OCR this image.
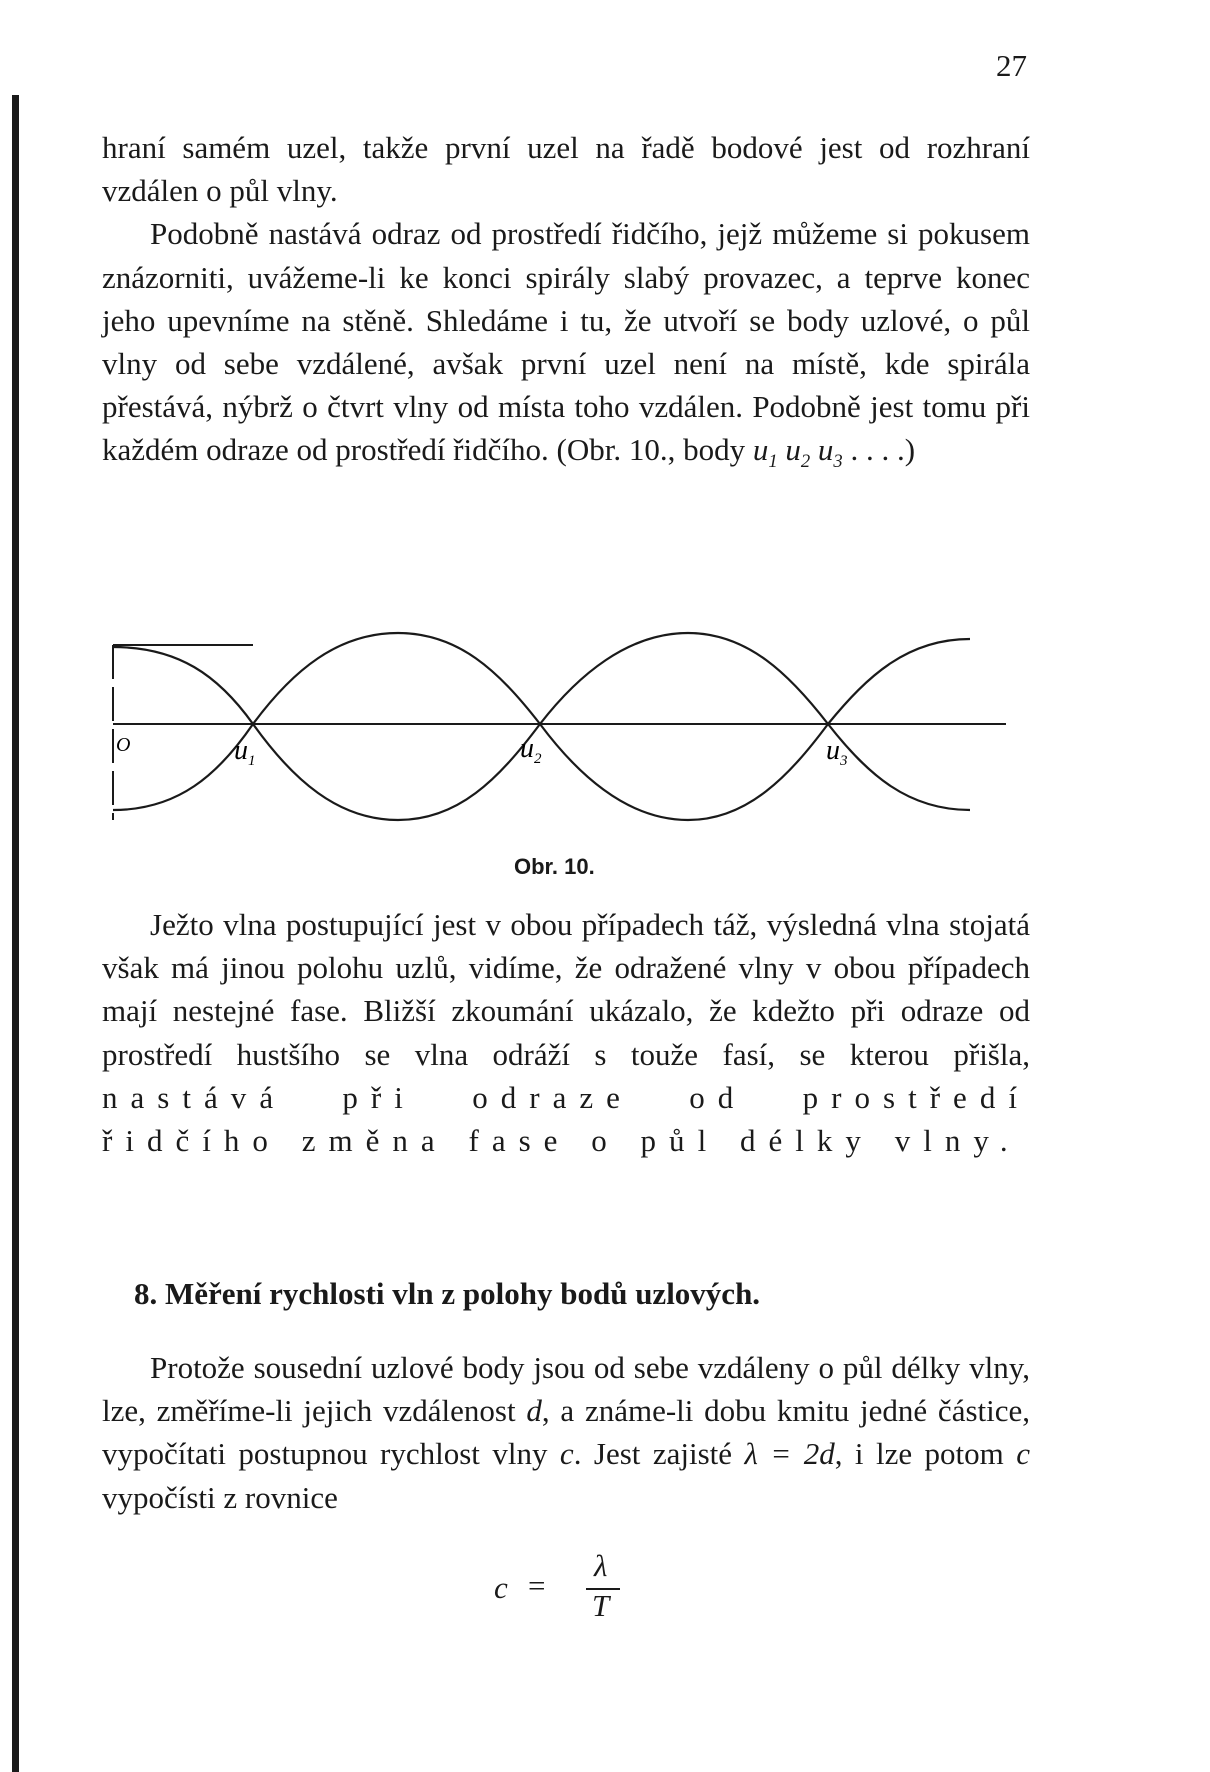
27

hraní samém uzel, takže první uzel na řadě bodové jest od rozhraní vzdálen o půl vlny.
Podobně nastává odraz od prostředí řidčího, jejž můžeme si pokusem znázorniti, uvážeme-li ke konci spirály slabý provazec, a teprve konec jeho upevníme na stěně. Shledáme i tu, že utvoří se body uzlové, o půl vlny od sebe vzdálené, avšak první uzel není na místě, kde spirála přestává, nýbrž o čtvrt vlny od místa toho vzdálen. Podobně jest tomu při každém odraze od prostředí řidčího. (Obr. 10., body $u_1$ $u_2$ $u_3$ . . . .)

O	$u_1$	$u_2$	$u_3$
Obr. 10.

Ježto vlna postupující jest v obou případech táž, výsledná vlna stojatá však má jinou polohu uzlů, vidíme, že odražené vlny v obou případech mají nestejné fase. Bližší zkoumání ukázalo, že kdežto při odraze od prostředí hustšího se vlna odráží s touže fasí, se kterou přišla, nastává při odraze od prostředí řidčího změna fase o půl délky vlny.

8. Měření rychlosti vln z polohy bodů uzlových.

Protože sousední uzlové body jsou od sebe vzdáleny o půl délky vlny, lze, změříme-li jejich vzdálenost d, a známe-li dobu kmitu jedné částice, vypočítati postupnou rychlost vlny c. Jest zajisté λ = 2d, i lze potom c vypočísti z rovnice

c =
λ
T
